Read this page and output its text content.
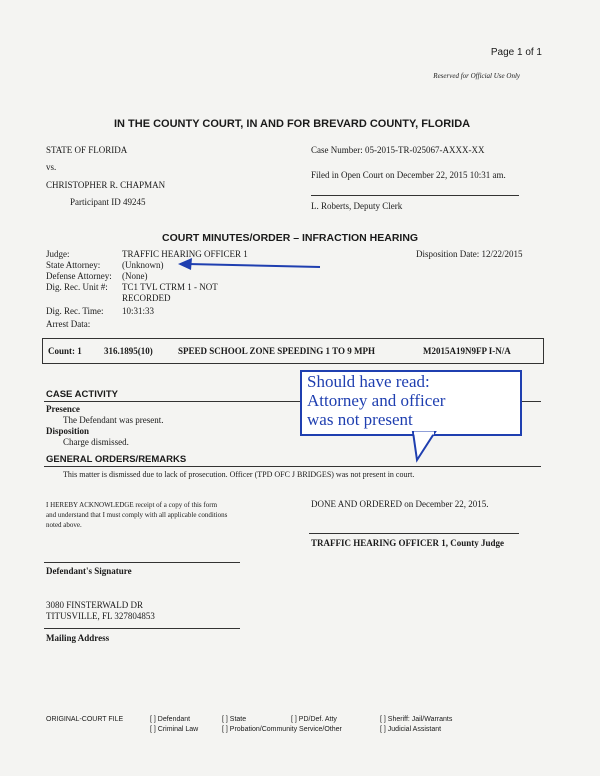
Page 1 of 1
Reserved for Official Use Only
IN THE COUNTY COURT, IN AND FOR BREVARD COUNTY, FLORIDA
STATE OF FLORIDA
vs.
CHRISTOPHER R. CHAPMAN
Participant ID 49245
Case Number: 05-2015-TR-025067-AXXX-XX
Filed in Open Court on December 22, 2015 10:31 am.
L. Roberts, Deputy Clerk
COURT MINUTES/ORDER – INFRACTION HEARING
Judge:	TRAFFIC HEARING OFFICER 1
State Attorney: (Unknown)
Defense Attorney: (None)
Dig. Rec. Unit #: TC1 TVL CTRM 1 - NOT
RECORDED
Dig. Rec. Time: 10:31:33
Arrest Data:
Disposition Date: 12/22/2015
Count: 1 316.1895(10)	SPEED SCHOOL ZONE SPEEDING 1 TO 9 MPH	M2015A19N9FP I-N/A
CASE ACTIVITY
Presence
The Defendant was present.
Disposition
Charge dismissed.
GENERAL ORDERS/REMARKS
This matter is dismissed due to lack of prosecution. Officer (TPD OFC J BRIDGES) was not present in court.
Should have read:
Attorney and officer
was not present
I HEREBY ACKNOWLEDGE receipt of a copy of this form
and understand that I must comply with all applicable conditions
noted above.
DONE AND ORDERED on December 22, 2015.
TRAFFIC HEARING OFFICER 1, County Judge
Defendant's Signature
3080 FINSTERWALD DR
TITUSVILLE, FL 327804853
Mailing Address
ORIGINAL-COURT FILE	[ ] Defendant
[ ] Criminal Law
[ ] State
[ ] Probation/Community Service/Other
[ ] PD/Def. Atty	[ ] Sheriff: Jail/Warrants
[ ] Judicial Assistant
